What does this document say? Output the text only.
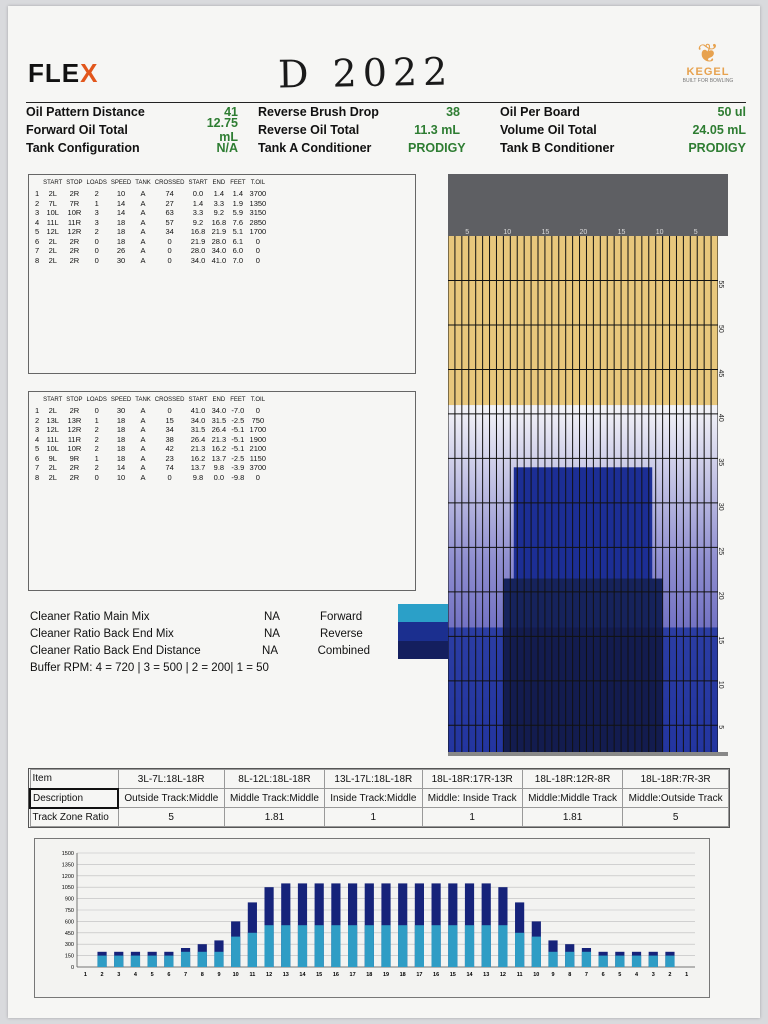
FLEX	D 2022	❦
KEGEL
BUILT FOR BOWLING
Oil Pattern Distance	41 Reverse Brush Drop	38	Oil Per Board	50 ul
Forward Oil Total	12.75 mL Reverse Oil Total	11.3 mL	Volume Oil Total	24.05 mL
Tank Configuration	N/A Tank A Conditioner	PRODIGY	Tank B Conditioner	PRODIGY
	START	STOP	LOADS	SPEED	TANK	CROSSED	START	END	FEET	T.OIL
1	2L	2R	2	10	A	74	0.0	1.4	1.4	3700
2	7L	7R	1	14	A	27	1.4	3.3	1.9	1350
3	10L	10R	3	14	A	63	3.3	9.2	5.9	3150
4	11L	11R	3	18	A	57	9.2	16.8	7.6	2850
5	12L	12R	2	18	A	34	16.8	21.9	5.1	1700
6	2L	2R	0	18	A	0	21.9	28.0	6.1	0
7	2L	2R	0	26	A	0	28.0	34.0	6.0	0
8	2L	2R	0	30	A	0	34.0	41.0	7.0	0
	START	STOP	LOADS	SPEED	TANK	CROSSED	START	END	FEET	T.OIL
1	2L	2R	0	30	A	0	41.0	34.0	-7.0	0
2	13L	13R	1	18	A	15	34.0	31.5	-2.5	750
3	12L	12R	2	18	A	34	31.5	26.4	-5.1	1700
4	11L	11R	2	18	A	38	26.4	21.3	-5.1	1900
5	10L	10R	2	18	A	42	21.3	16.2	-5.1	2100
6	9L	9R	1	18	A	23	16.2	13.7	-2.5	1150
7	2L	2R	2	14	A	74	13.7	9.8	-3.9	3700
8	2L	2R	0	10	A	0	9.8	0.0	-9.8	0
Cleaner Ratio Main Mix	NA	Forward
Cleaner Ratio Back End Mix	NA	Reverse
Cleaner Ratio Back End Distance	NA	Combined
Buffer RPM: 4 = 720 | 3 = 500 | 2 = 200| 1 = 50
5	10	15	20	15	10	5
55
50
45
40
35
30
25
20
15
10
5
Item	3L-7L:18L-18R	8L-12L:18L-18R	13L-17L:18L-18R	18L-18R:17R-13R	18L-18R:12R-8R	18L-18R:7R-3R
Description	Outside Track:Middle	Middle Track:Middle	Inside Track:Middle	Middle: Inside Track	Middle:Middle Track	Middle:Outside Track
Track Zone Ratio	5	1.81	1	1	1.81	5
1500
1350
1200
1050
900
750
600
450
300
150
0
1 2 3 4 5 6 7 8 9 10 11 12 13 14 15 16 17 18 19 18 17 16 15 14 13 12 11 10 9 8 7 6 5 4 3 2 1
